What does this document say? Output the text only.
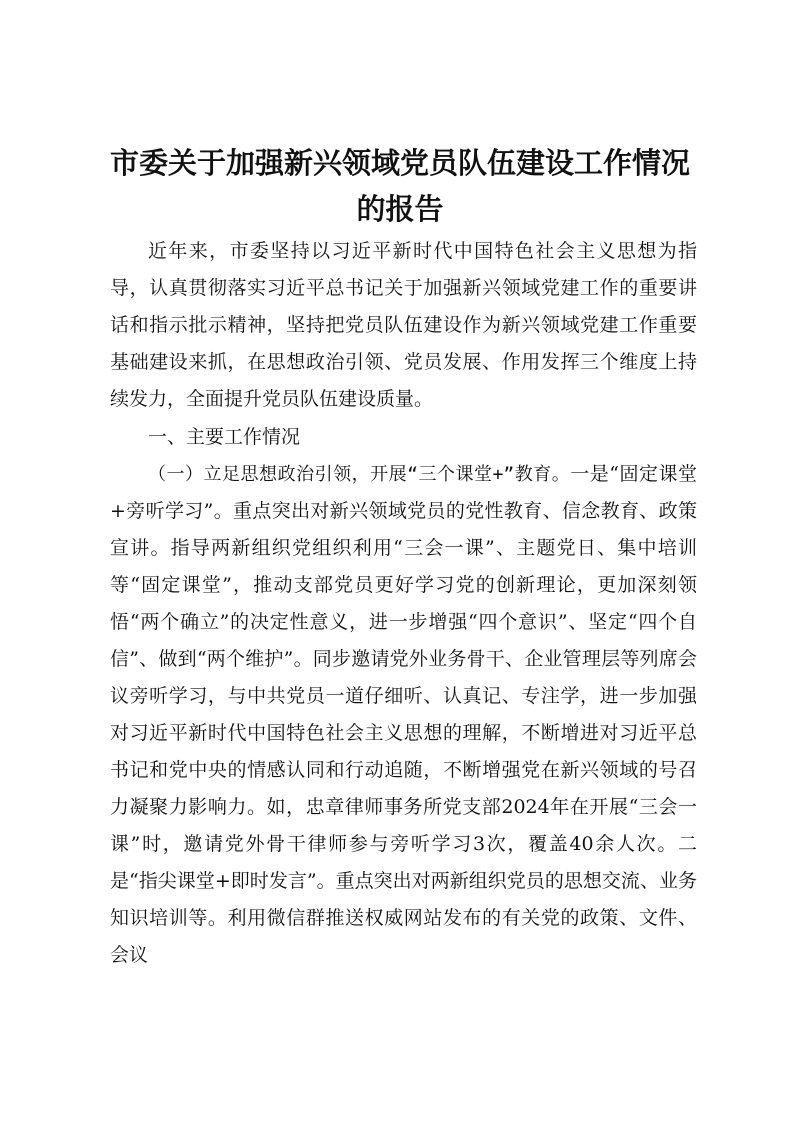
市委关于加强新兴领域党员队伍建设工作情况
的报告

近年来，市委坚持以习近平新时代中国特色社会主义思想为指导，认真贯彻落实习近平总书记关于加强新兴领域党建工作的重要讲话和指示批示精神，坚持把党员队伍建设作为新兴领域党建工作重要基础建设来抓，在思想政治引领、党员发展、作用发挥三个维度上持续发力，全面提升党员队伍建设质量。

一、主要工作情况

（一）立足思想政治引领，开展“三个课堂+”教育。一是“固定课堂+旁听学习”。重点突出对新兴领域党员的党性教育、信念教育、政策宣讲。指导两新组织党组织利用“三会一课”、主题党日、集中培训等“固定课堂”，推动支部党员更好学习党的创新理论，更加深刻领悟“两个确立”的决定性意义，进一步增强“四个意识”、坚定“四个自信”、做到“两个维护”。同步邀请党外业务骨干、企业管理层等列席会议旁听学习，与中共党员一道仔细听、认真记、专注学，进一步加强对习近平新时代中国特色社会主义思想的理解，不断增进对习近平总书记和党中央的情感认同和行动追随，不断增强党在新兴领域的号召力凝聚力影响力。如，忠章律师事务所党支部2024年在开展“三会一课”时，邀请党外骨干律师参与旁听学习3次，覆盖40余人次。二是“指尖课堂+即时发言”。重点突出对两新组织党员的思想交流、业务知识培训等。利用微信群推送权威网站发布的有关党的政策、文件、会议
